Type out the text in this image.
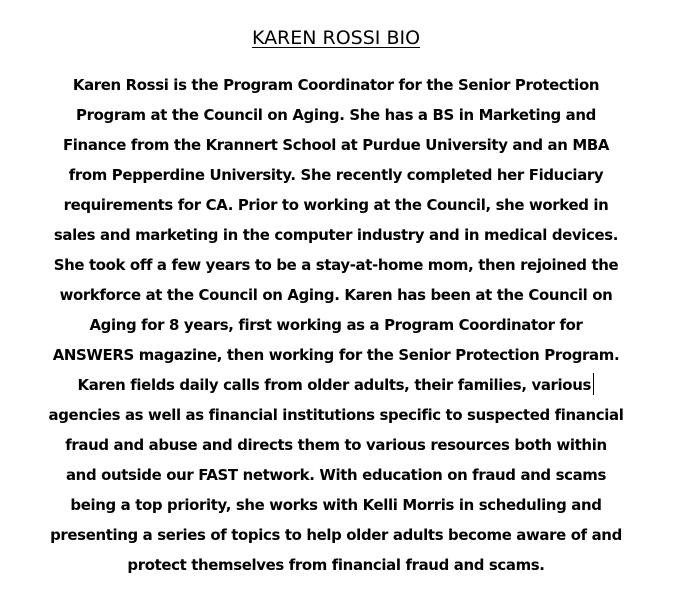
KAREN ROSSI BIO
Karen Rossi is the Program Coordinator for the Senior Protection
Program at the Council on Aging. She has a BS in Marketing and
Finance from the Krannert School at Purdue University and an MBA
from Pepperdine University. She recently completed her Fiduciary
requirements for CA. Prior to working at the Council, she worked in
sales and marketing in the computer industry and in medical devices.
She took off a few years to be a stay-at-home mom, then rejoined the
workforce at the Council on Aging. Karen has been at the Council on
Aging for 8 years, first working as a Program Coordinator for
ANSWERS magazine, then working for the Senior Protection Program.
Karen fields daily calls from older adults, their families, various
agencies as well as financial institutions specific to suspected financial
fraud and abuse and directs them to various resources both within
and outside our FAST network. With education on fraud and scams
being a top priority, she works with Kelli Morris in scheduling and
presenting a series of topics to help older adults become aware of and
protect themselves from financial fraud and scams.
